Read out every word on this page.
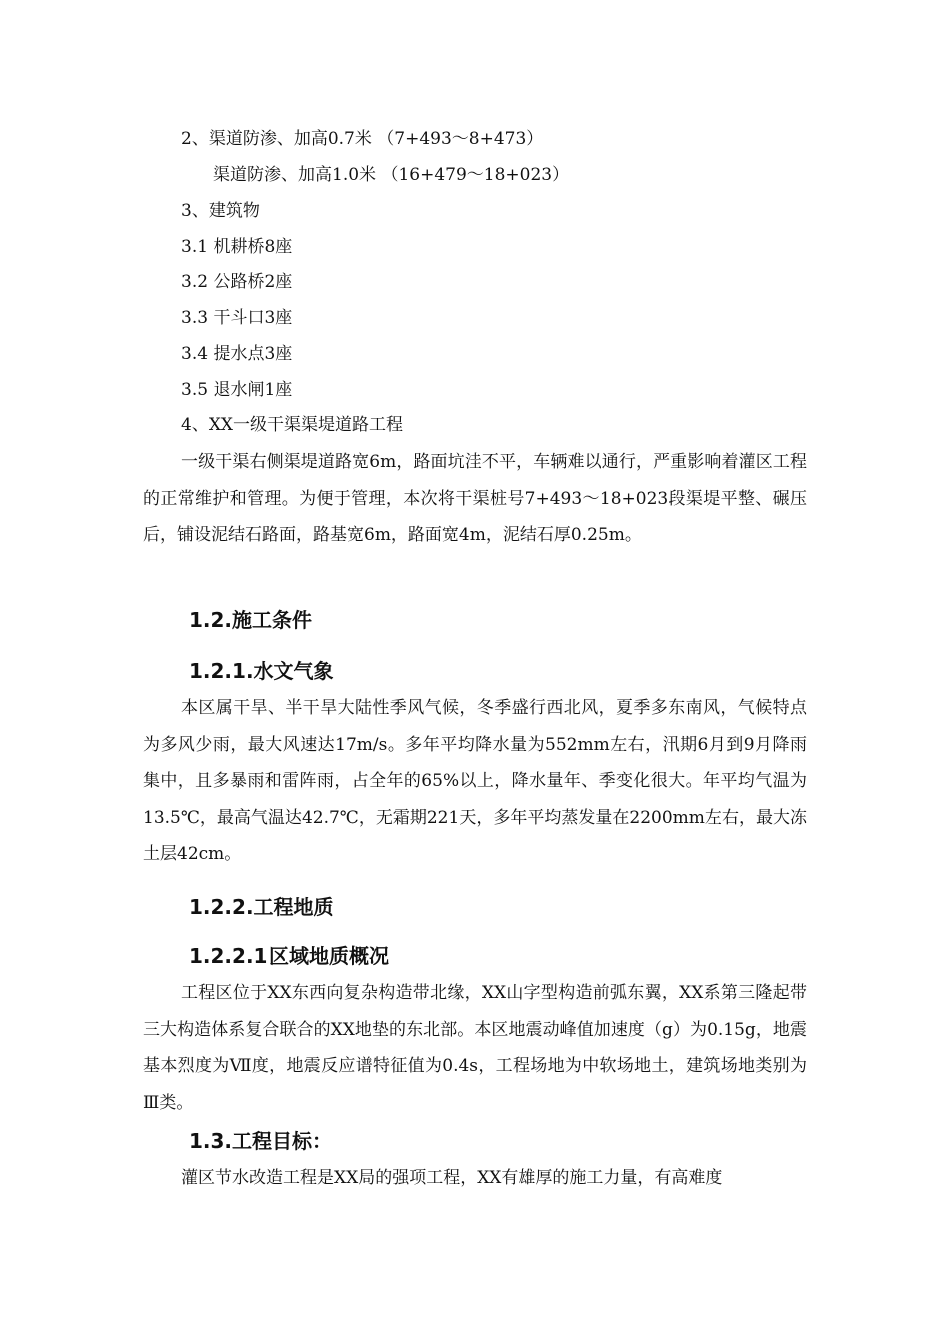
2、渠道防渗、加高0.7米 （7+493～8+473）
渠道防渗、加高1.0米 （16+479～18+023）
3、建筑物
3.1 机耕桥8座
3.2 公路桥2座
3.3 干斗口3座
3.4 提水点3座
3.5 退水闸1座
4、XX一级干渠渠堤道路工程
一级干渠右侧渠堤道路宽6m，路面坑洼不平，车辆难以通行，严重影响着灌区工程的正常维护和管理。为便于管理，本次将干渠桩号7+493～18+023段渠堤平整、碾压后，铺设泥结石路面，路基宽6m，路面宽4m，泥结石厚0.25m。
1.2.施工条件
1.2.1.水文气象
本区属干旱、半干旱大陆性季风气候，冬季盛行西北风，夏季多东南风，气候特点为多风少雨，最大风速达17m/s。多年平均降水量为552mm左右，汛期6月到9月降雨集中，且多暴雨和雷阵雨，占全年的65%以上，降水量年、季变化很大。年平均气温为13.5℃，最高气温达42.7℃，无霜期221天，多年平均蒸发量在2200mm左右，最大冻土层42cm。
1.2.2.工程地质
1.2.2.1区域地质概况
工程区位于XX东西向复杂构造带北缘，XX山字型构造前弧东翼，XX系第三隆起带三大构造体系复合联合的XX地垫的东北部。本区地震动峰值加速度（g）为0.15g，地震基本烈度为Ⅶ度，地震反应谱特征值为0.4s，工程场地为中软场地土，建筑场地类别为Ⅲ类。
1.3.工程目标：
灌区节水改造工程是XX局的强项工程，XX有雄厚的施工力量，有高难度
